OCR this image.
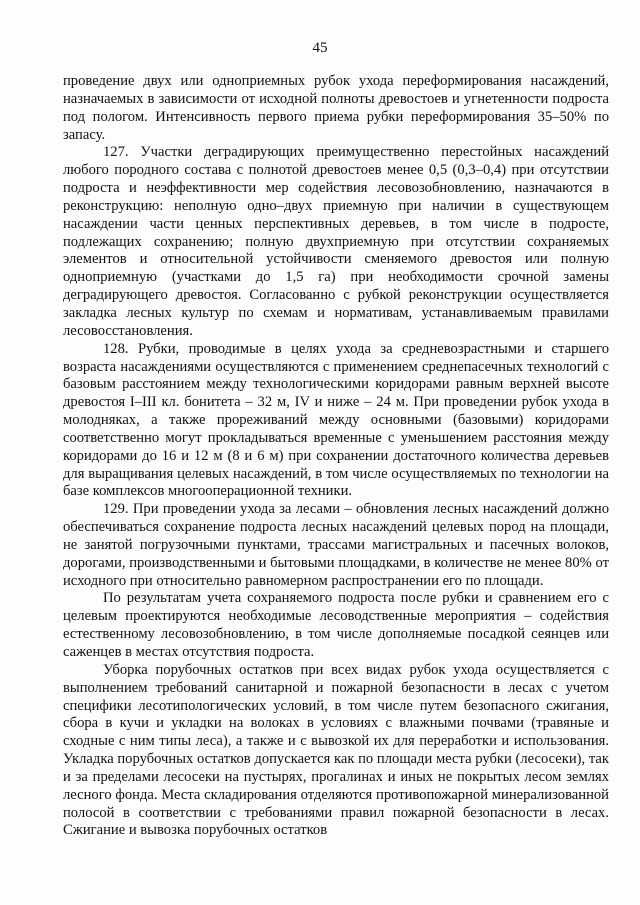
45

проведение двух или одноприемных рубок ухода переформирования насаждений, назначаемых в зависимости от исходной полноты древостоев и угнетенности подроста под пологом. Интенсивность первого приема рубки переформирования 35–50% по запасу.

127. Участки деградирующих преимущественно перестойных насаждений любого породного состава с полнотой древостоев менее 0,5 (0,3–0,4) при отсутствии подроста и неэффективности мер содействия лесовозобновлению, назначаются в реконструкцию: неполную одно–двух приемную при наличии в существующем насаждении части ценных перспективных деревьев, в том числе в подросте, подлежащих сохранению; полную двухприемную при отсутствии сохраняемых элементов и относительной устойчивости сменяемого древостоя или полную одноприемную (участками до 1,5 га) при необходимости срочной замены деградирующего древостоя. Согласованно с рубкой реконструкции осуществляется закладка лесных культур по схемам и нормативам, устанавливаемым правилами лесовосстановления.

128. Рубки, проводимые в целях ухода за средневозрастными и старшего возраста насаждениями осуществляются с применением среднепасечных технологий с базовым расстоянием между технологическими коридорами равным верхней высоте древостоя I–III кл. бонитета – 32 м, IV и ниже – 24 м. При проведении рубок ухода в молодняках, а также прореживаний между основными (базовыми) коридорами соответственно могут прокладываться временные с уменьшением расстояния между коридорами до 16 и 12 м (8 и 6 м) при сохранении достаточного количества деревьев для выращивания целевых насаждений, в том числе осуществляемых по технологии на базе комплексов многооперационной техники.

129. При проведении ухода за лесами – обновления лесных насаждений должно обеспечиваться сохранение подроста лесных насаждений целевых пород на площади, не занятой погрузочными пунктами, трассами магистральных и пасечных волоков, дорогами, производственными и бытовыми площадками, в количестве не менее 80% от исходного при относительно равномерном распространении его по площади.

По результатам учета сохраняемого подроста после рубки и сравнением его с целевым проектируются необходимые лесоводственные мероприятия – содействия естественному лесовозобновлению, в том числе дополняемые посадкой сеянцев или саженцев в местах отсутствия подроста.

Уборка порубочных остатков при всех видах рубок ухода осуществляется с выполнением требований санитарной и пожарной безопасности в лесах с учетом специфики лесотипологических условий, в том числе путем безопасного сжигания, сбора в кучи и укладки на волоках в условиях с влажными почвами (травяные и сходные с ним типы леса), а также и с вывозкой их для переработки и использования. Укладка порубочных остатков допускается как по площади места рубки (лесосеки), так и за пределами лесосеки на пустырях, прогалинах и иных не покрытых лесом землях лесного фонда. Места складирования отделяются противопожарной минерализованной полосой в соответствии с требованиями правил пожарной безопасности в лесах. Сжигание и вывозка порубочных остатков
